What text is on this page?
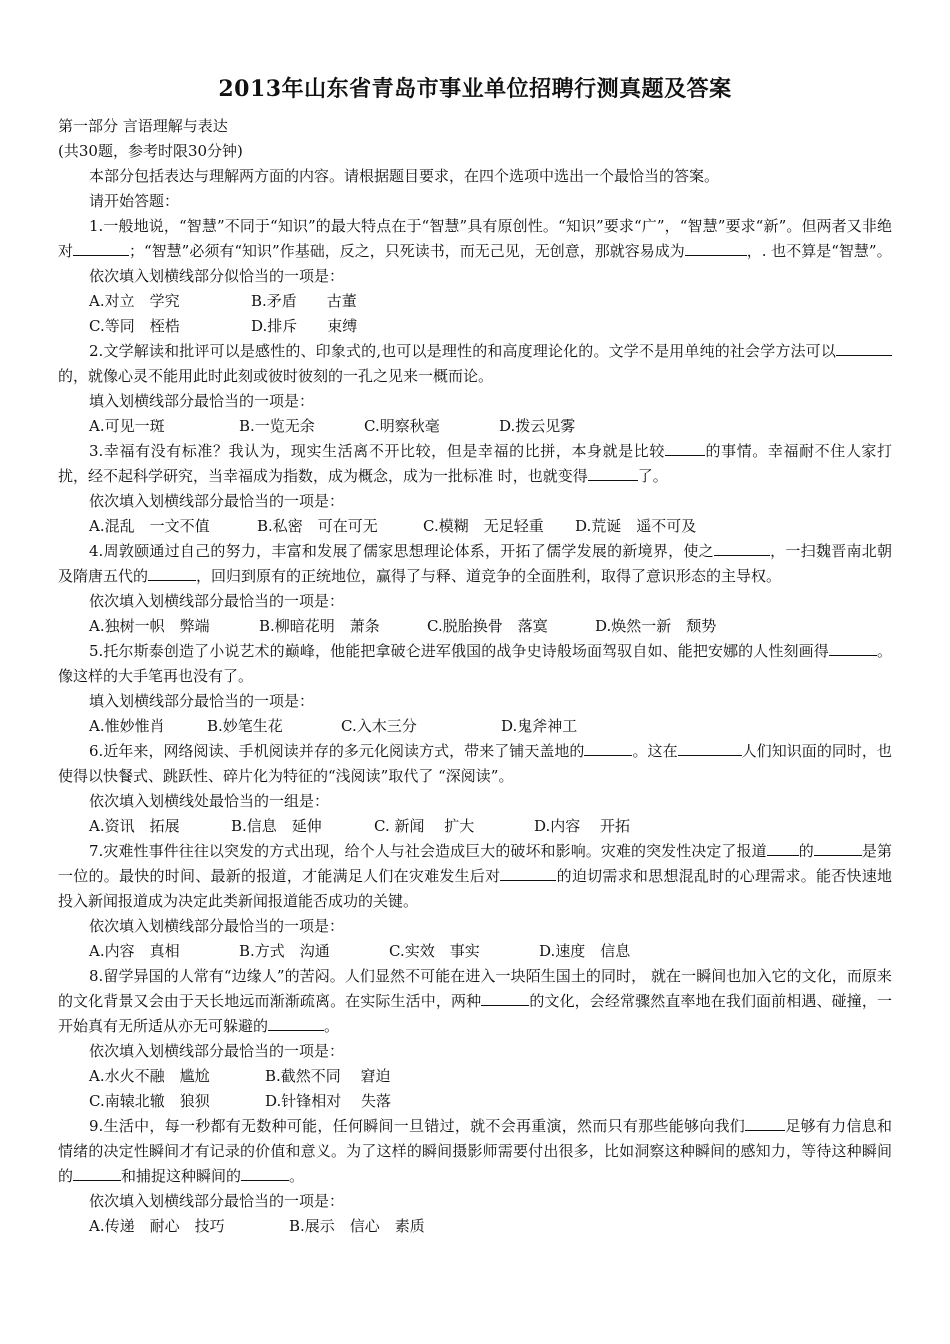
2013年山东省青岛市事业单位招聘行测真题及答案

第一部分 言语理解与表达

(共30题，参考时限30分钟)

本部分包括表达与理解两方面的内容。请根据题目要求，在四个选项中选出一个最恰当的答案。

请开始答题：

1.一般地说，“智慧”不同于“知识”的最大特点在于“智慧”具有原创性。“知识”要求“广”，“智慧”要求“新”。但两者又非绝对	；“智慧”必须有“知识”作基础，反之，只死读书，而无己见，无创意，那就容易成为	，. 也不算是“智慧”。

依次填入划横线部分似恰当的一项是：

A.对立　学究	B.矛盾　　古董

C.等同　桎梏	D.排斥　　束缚

2.文学解读和批评可以是感性的、印象式的,也可以是理性的和高度理论化的。文学不是用单纯的社会学方法可以的，就像心灵不能用此时此刻或彼时彼刻的一孔之见来一概而论。

填入划横线部分最恰当的一项是：

A.可见一斑	B.一览无余	C.明察秋毫	D.拨云见雾

3.幸福有没有标准？我认为，现实生活离不开比较，但是幸福的比拼，本身就是比较	的事情。幸福耐不住人家打扰，经不起科学研究，当幸福成为指数，成为概念，成为一批标准 时，也就变得	了。

依次填入划横线部分最恰当的一项是：

A.混乱　一文不值	B.私密　可在可无	C.模糊　无足轻重 D.荒诞　遥不可及

4.周敦颐通过自己的努力，丰富和发展了儒家思想理论体系，开拓了儒学发展的新境界，使之	，一扫魏晋南北朝及隋唐五代的	，回归到原有的正统地位，赢得了与释、道竞争的全面胜利，取得了意识形态的主导权。

依次填入划横线部分最恰当的一项是：

A.独树一帜　弊端	B.柳暗花明　萧条	C.脱胎换骨　落寞	D.焕然一新　颓势

5.托尔斯泰创造了小说艺术的巅峰，他能把拿破仑进军俄国的战争史诗般场面驾驭自如、能把安娜的人性刻画得	。像这样的大手笔再也没有了。

填入划横线部分最恰当的一项是：

A.惟妙惟肖	B.妙笔生花	C.入木三分	D.鬼斧神工

6.近年来，网络阅读、手机阅读并存的多元化阅读方式，带来了铺天盖地的	。这在	人们知识面的同时，也使得以快餐式、跳跃性、碎片化为特征的“浅阅读”取代了 “深阅读”。

依次填入划横线处最恰当的一组是：

A.资讯　拓展	B.信息　延伸	C. 新闻　 扩大	D.内容　 开拓

7.灾难性事件往往以突发的方式出现，给个人与社会造成巨大的破坏和影响。灾难的突发性决定了报道 的	是第一位的。最快的时间、最新的报道，才能满足人们在灾难发生后对	的迫切需求和思想混乱时的心理需求。能否快速地投入新闻报道成为决定此类新闻报道能否成功的关键。

依次填入划横线部分最恰当的一项是：

A.内容　真相	B.方式　沟通	C.实效　事实	D.速度　信息

8.留学异国的人常有“边缘人”的苦闷。人们显然不可能在进入一块陌生国土的同时， 就在一瞬间也加入它的文化，而原来的文化背景又会由于天长地远而渐渐疏离。在实际生活中，两种	的文化，会经常骤然直率地在我们面前相遇、碰撞，一开始真有无所适从亦无可躲避的	。

依次填入划横线部分最恰当的一项是：

A.水火不融　尴尬	B.截然不同　 窘迫

C.南辕北辙　狼狈	D.针锋相对　 失落

9.生活中，每一秒都有无数种可能，任何瞬间一旦错过，就不会再重演，然而只有那些能够向我们	足够有力信息和情绪的决定性瞬间才有记录的价值和意义。为了这样的瞬间摄影师需要付出很多，比如洞察这种瞬间的感知力，等待这种瞬间的	和捕捉这种瞬间的	。

依次填入划横线部分最恰当的一项是：

A.传递　耐心　技巧	B.展示　信心　素质
